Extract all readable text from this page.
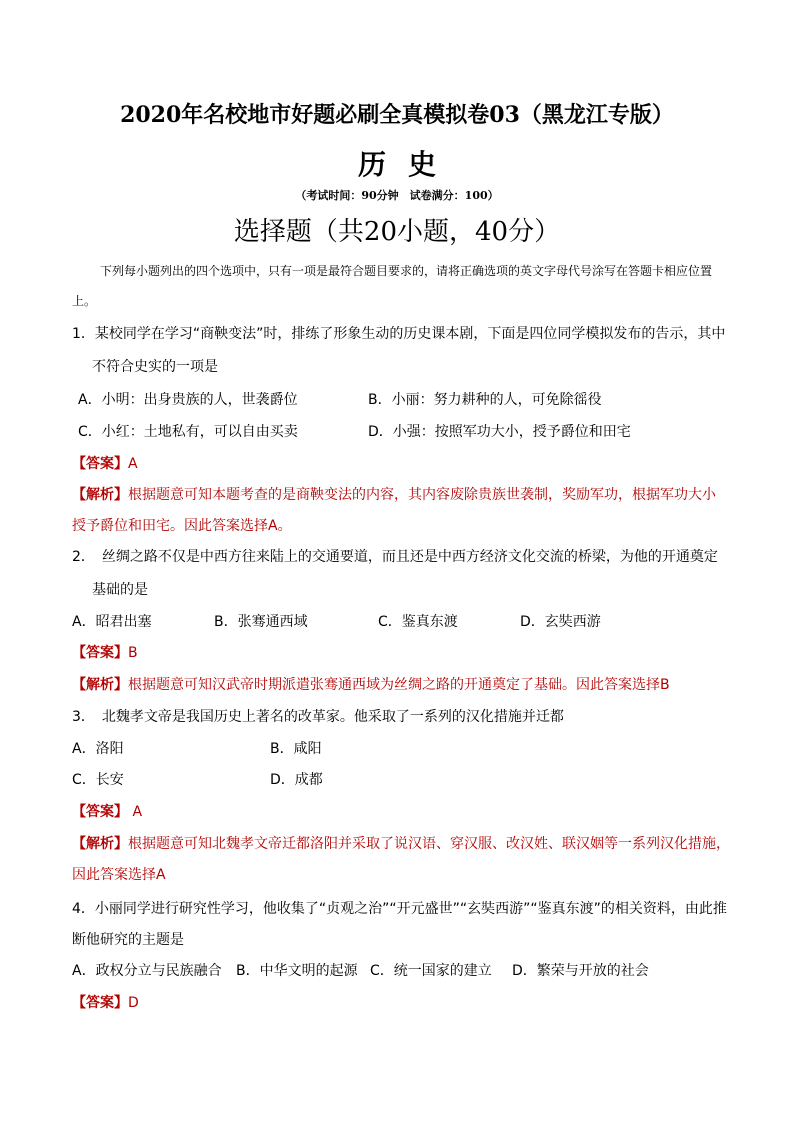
2020年名校地市好题必刷全真模拟卷03（黑龙江专版）
历史
（考试时间：90分钟　试卷满分：100）
选择题（共20小题，40分）
下列每小题列出的四个选项中，只有一项是最符合题目要求的，请将正确选项的英文字母代号涂写在答题卡相应位置上。
1．某校同学在学习“商鞅变法”时，排练了形象生动的历史课本剧，下面是四位同学模拟发布的告示，其中
不符合史实的一项是
A．小明：出身贵族的人，世袭爵位	B．小丽：努力耕种的人，可免除徭役
C．小红：土地私有，可以自由买卖	D．小强：按照军功大小，授予爵位和田宅
【答案】A
【解析】根据题意可知本题考查的是商鞅变法的内容，其内容废除贵族世袭制，奖励军功，根据军功大小
授予爵位和田宅。因此答案选择A。
2．　丝绸之路不仅是中西方往来陆上的交通要道，而且还是中西方经济文化交流的桥梁，为他的开通奠定
基础的是
A．昭君出塞	B．张骞通西域	C．鉴真东渡	D．玄奘西游
【答案】B
【解析】根据题意可知汉武帝时期派遣张骞通西域为丝绸之路的开通奠定了基础。因此答案选择B
3．　北魏孝文帝是我国历史上著名的改革家。他采取了一系列的汉化措施并迁都
A．洛阳	B．咸阳
C．长安	D．成都
【答案】 A
【解析】根据题意可知北魏孝文帝迁都洛阳并采取了说汉语、穿汉服、改汉姓、联汉姻等一系列汉化措施，
因此答案选择A
4．小丽同学进行研究性学习，他收集了“贞观之治”“开元盛世”“玄奘西游”“鉴真东渡”的相关资料，由此推
断他研究的主题是
A．政权分立与民族融合 B．中华文明的起源 C．统一国家的建立 D．繁荣与开放的社会
【答案】D
